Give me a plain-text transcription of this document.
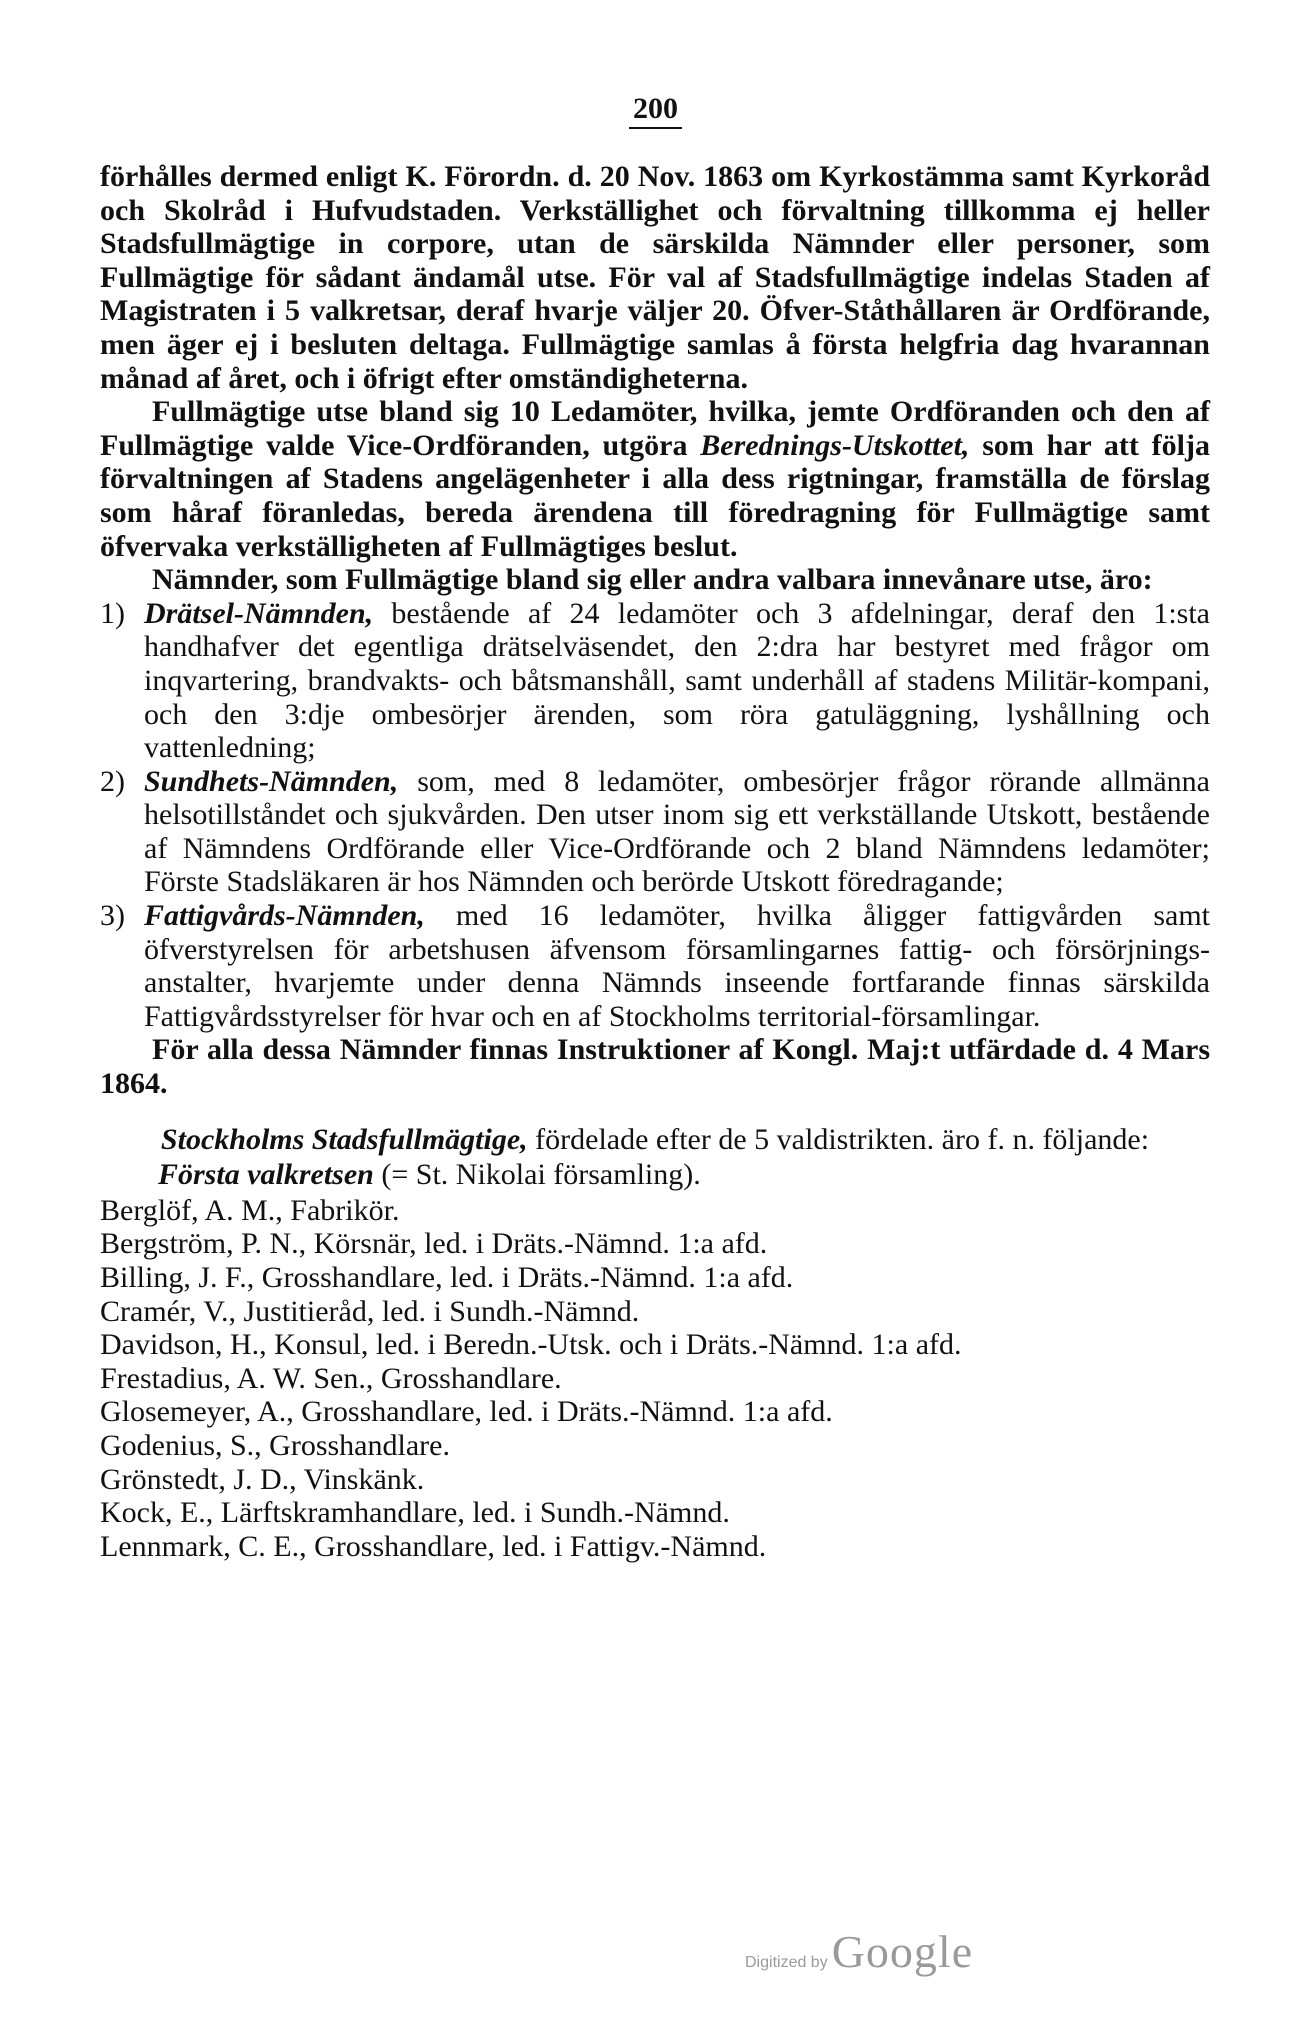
200

förhålles dermed enligt K. Förordn. d. 20 Nov. 1863 om Kyrkostämma samt Kyrkoråd och Skolråd i Hufvudstaden. Verkställighet och förvaltning tillkomma ej heller Stadsfullmägtige in corpore, utan de särskilda Nämnder eller personer, som Fullmägtige för sådant ändamål utse. För val af Stadsfullmägtige indelas Staden af Magistraten i 5 valkretsar, deraf hvarje väljer 20. Öfver-Ståthållaren är Ordförande, men äger ej i besluten deltaga. Fullmägtige samlas å första helgfria dag hvarannan månad af året, och i öfrigt efter omständigheterna.

Fullmägtige utse bland sig 10 Ledamöter, hvilka, jemte Ordföranden och den af Fullmägtige valde Vice-Ordföranden, utgöra Berednings-Utskottet, som har att följa förvaltningen af Stadens angelägenheter i alla dess rigtningar, framställa de förslag som håraf föranledas, bereda ärendena till föredragning för Fullmägtige samt öfvervaka verkställigheten af Fullmägtiges beslut.

Nämnder, som Fullmägtige bland sig eller andra valbara innevånare utse, äro:

1) Drätsel-Nämnden, bestående af 24 ledamöter och 3 afdelningar, deraf den 1:sta handhafver det egentliga drätselväsendet, den 2:dra har bestyret med frågor om inqvartering, brandvakts- och båtsmanshåll, samt underhåll af stadens Militär-kompani, och den 3:dje ombesörjer ärenden, som röra gatuläggning, lyshållning och vattenledning;

2) Sundhets-Nämnden, som, med 8 ledamöter, ombesörjer frågor rörande allmänna helsotillståndet och sjukvården. Den utser inom sig ett verkställande Utskott, bestående af Nämndens Ordförande eller Vice-Ordförande och 2 bland Nämndens ledamöter; Förste Stadsläkaren är hos Nämnden och berörde Utskott föredragande;

3) Fattigvårds-Nämnden, med 16 ledamöter, hvilka åligger fattigvården samt öfverstyrelsen för arbetshusen äfvensom församlingarnes fattig- och försörjnings-anstalter, hvarjemte under denna Nämnds inseende fortfarande finnas särskilda Fattigvårdsstyrelser för hvar och en af Stockholms territorial-församlingar.

För alla dessa Nämnder finnas Instruktioner af Kongl. Maj:t utfärdade d. 4 Mars 1864.

Stockholms Stadsfullmägtige, fördelade efter de 5 valdistrikten. äro f. n. följande:

Första valkretsen (= St. Nikolai församling).

Berglöf, A. M., Fabrikör.
Bergström, P. N., Körsnär, led. i Dräts.-Nämnd. 1:a afd.
Billing, J. F., Grosshandlare, led. i Dräts.-Nämnd. 1:a afd.
Cramér, V., Justitieråd, led. i Sundh.-Nämnd.
Davidson, H., Konsul, led. i Beredn.-Utsk. och i Dräts.-Nämnd. 1:a afd.
Frestadius, A. W. Sen., Grosshandlare.
Glosemeyer, A., Grosshandlare, led. i Dräts.-Nämnd. 1:a afd.
Godenius, S., Grosshandlare.
Grönstedt, J. D., Vinskänk.
Kock, E., Lärftskramhandlare, led. i Sundh.-Nämnd.
Lennmark, C. E., Grosshandlare, led. i Fattigv.-Nämnd.
Digitized by Google
